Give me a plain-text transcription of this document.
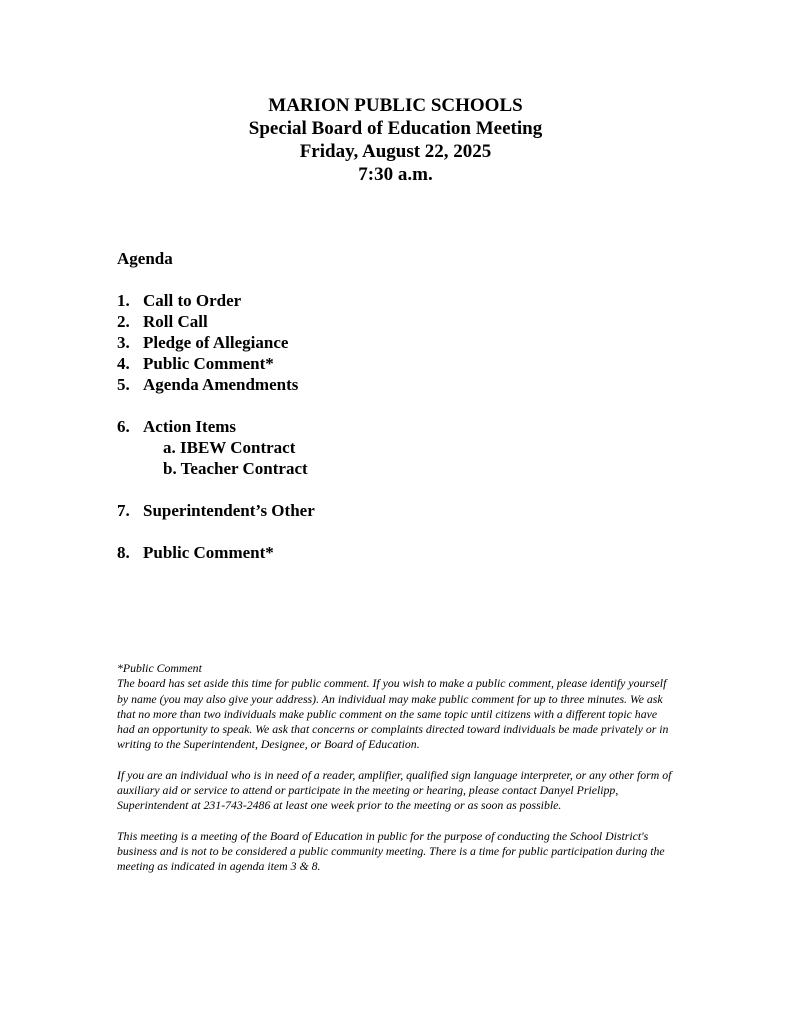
MARION PUBLIC SCHOOLS
Special Board of Education Meeting
Friday, August 22, 2025
7:30 a.m.
Agenda
1. Call to Order
2. Roll Call
3. Pledge of Allegiance
4. Public Comment*
5. Agenda Amendments
6. Action Items
a. IBEW Contract
b. Teacher Contract
7. Superintendent’s Other
8. Public Comment*

*Public Comment

The board has set aside this time for public comment. If you wish to make a public comment, please identify yourself by name (you may also give your address). An individual may make public comment for up to three minutes. We ask that no more than two individuals make public comment on the same topic until citizens with a different topic have had an opportunity to speak. We ask that concerns or complaints directed toward individuals be made privately or in writing to the Superintendent, Designee, or Board of Education.

If you are an individual who is in need of a reader, amplifier, qualified sign language interpreter, or any other form of auxiliary aid or service to attend or participate in the meeting or hearing, please contact Danyel Prielipp, Superintendent at 231-743-2486 at least one week prior to the meeting or as soon as possible.

This meeting is a meeting of the Board of Education in public for the purpose of conducting the School District's business and is not to be considered a public community meeting. There is a time for public participation during the meeting as indicated in agenda item 3 & 8.
